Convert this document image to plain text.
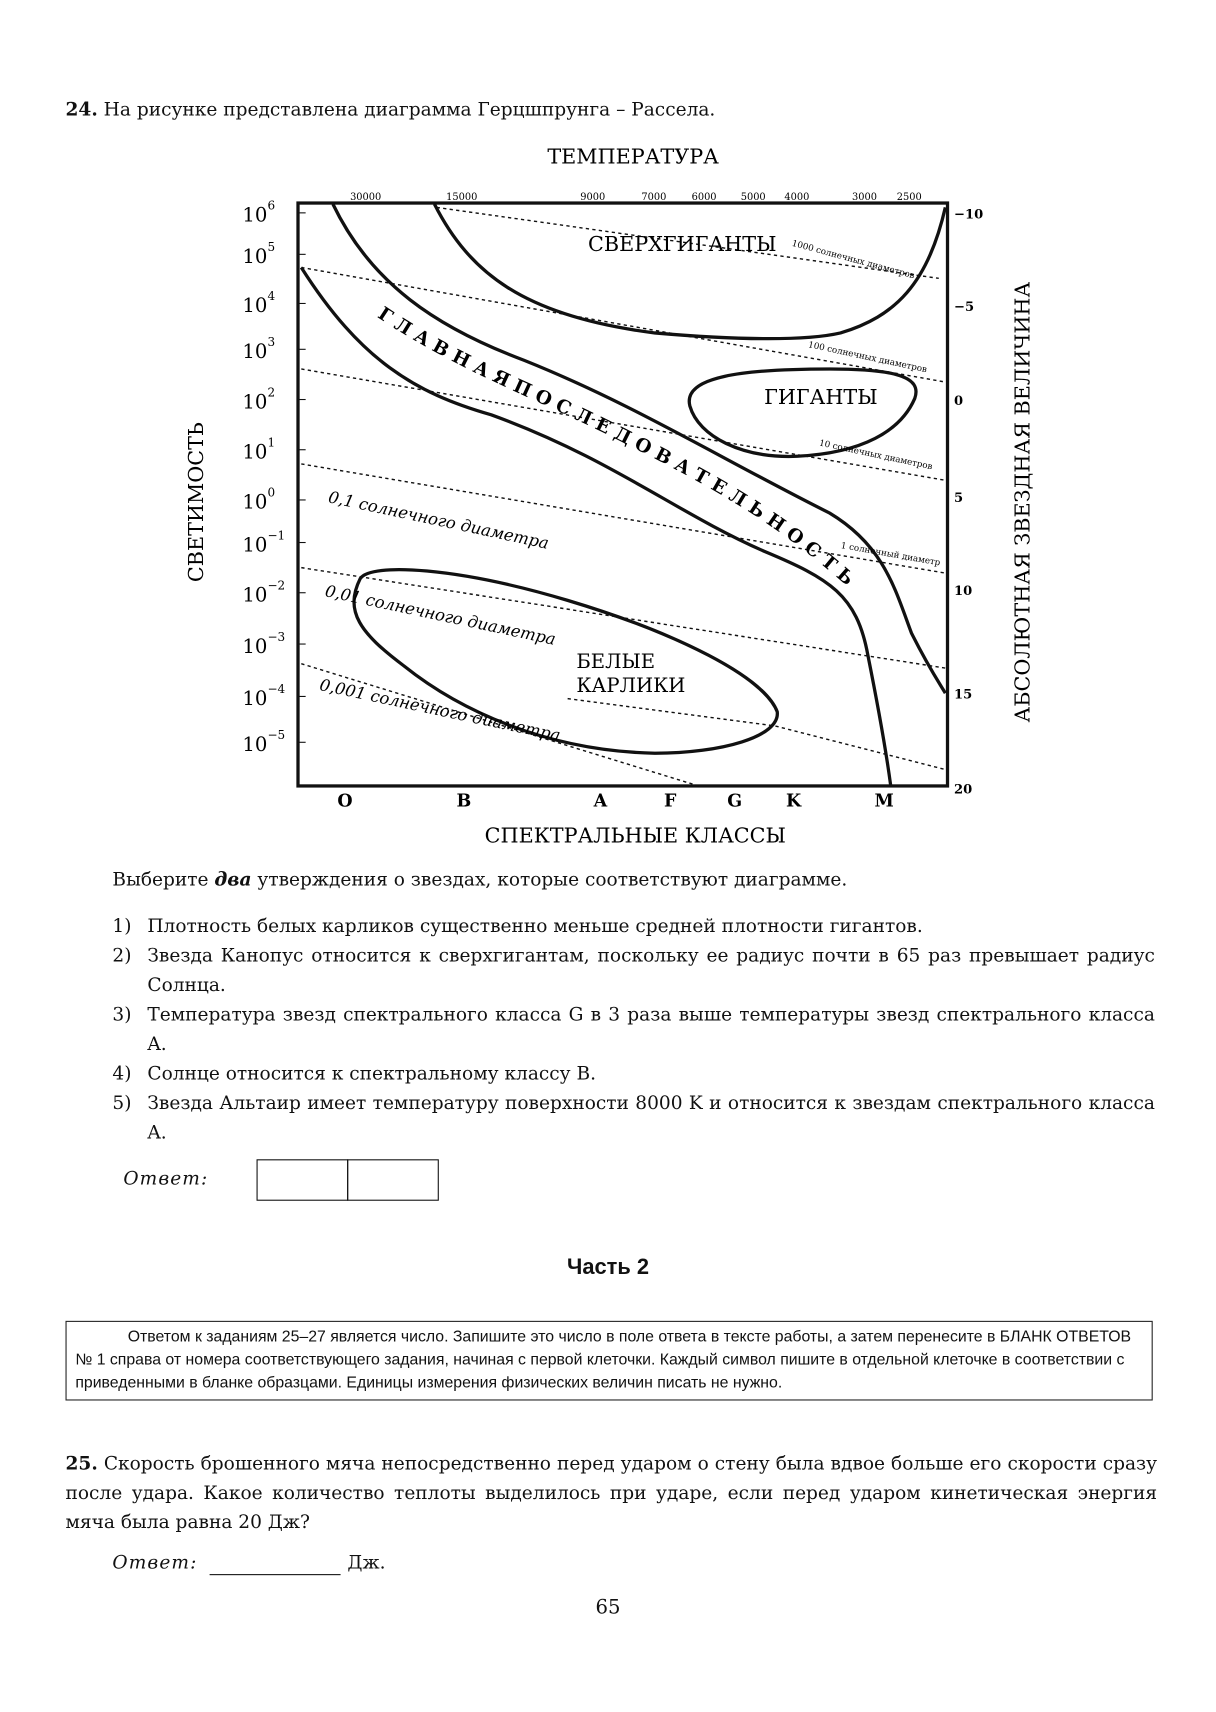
24. На рисунке представлена диаграмма Герцшпрунга – Рассела.
ТЕМПЕРАТУРА
СВЕТИМОСТЬ	АБСОЛЮТНАЯ ЗВЕЗДНАЯ ВЕЛИЧИНА
СПЕКТРАЛЬНЫЕ КЛАССЫ
30000	15000	9000	7000	6000	5000 4000	3000 2500
10 6
10 5
10 4
10 3
10 2
10 1
10 0
10 −1
10 −2
10 −3
10 −4
10 −5
−10
−5
0
5
10
15
20
O	B	A	F	G	K	M
СВЕРХГИГАНТЫ
ГИГАНТЫ
БЕЛЫЕ
КАРЛИКИ
Г Л А В Н А Я П О С Л Е Д О В А Т Е Л Ь Н О С Т Ь
1000 солнечных диаметров
100 солнечных диаметров
10 солнечных диаметров
1 солнечный диаметр
0,1 солнечного диаметра
0,01 солнечного диаметра
0,001 солнечного диаметра
Выберите два утверждения о звездах, которые соответствуют диаграмме.
1) Плотность белых карликов существенно меньше средней плотности гигантов.
2) Звезда Канопус относится к сверхгигантам, поскольку ее радиус почти в 65 раз превышает радиус Солнца.
3) Температура звезд спектрального класса G в 3 раза выше температуры звезд спектрального класса A.
4) Солнце относится к спектральному классу B.
5) Звезда Альтаир имеет температуру поверхности 8000 K и относится к звездам спектрального класса A.
Ответ:
Часть 2
Ответом к заданиям 25–27 является число. Запишите это число в поле ответа в тексте работы, а затем перенесите в БЛАНК ОТВЕТОВ № 1 справа от номера соответствующего задания, начиная с первой клеточки. Каждый символ пишите в отдельной клеточке в соответствии с приведенными в бланке образцами. Единицы измерения физических величин писать не нужно.
25. Скорость брошенного мяча непосредственно перед ударом о стену была вдвое больше его скорости сразу после удара. Какое количество теплоты выделилось при ударе, если перед ударом кинетическая энергия мяча была равна 20 Дж?
Ответ:	Дж.
65
